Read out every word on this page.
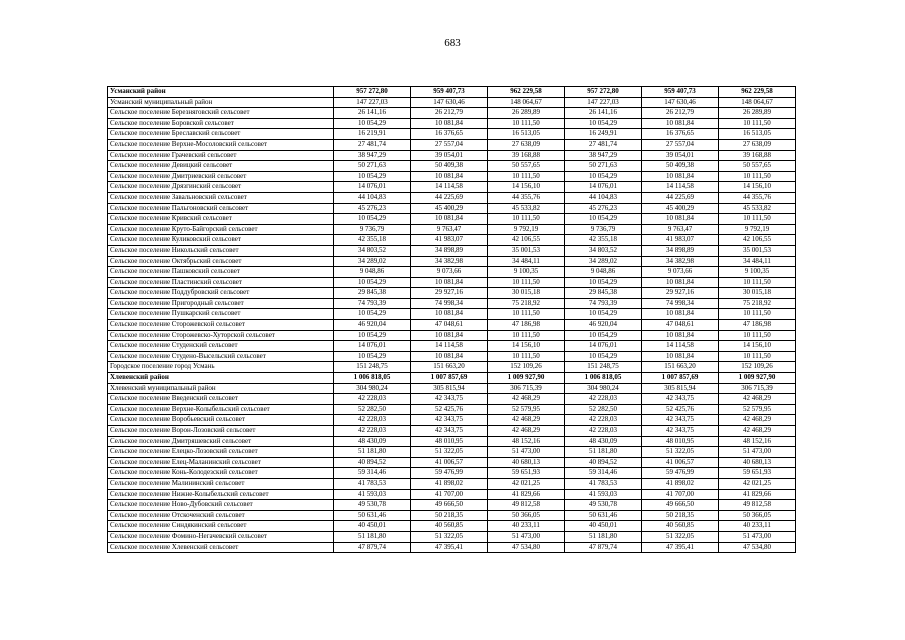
683
Усманский район	957 272,80	959 407,73	962 229,58	957 272,80	959 407,73	962 229,58
Усманский муниципальный район	147 227,03	147 630,46	148 064,67	147 227,03	147 630,46	148 064,67
Сельское поселение Березняговский сельсовет	26 141,16	26 212,79	26 289,89	26 141,16	26 212,79	26 289,89
Сельское поселение Боровской сельсовет	10 054,29	10 081,84	10 111,50	10 054,29	10 081,84	10 111,50
Сельское поселение Бреславский сельсовет	16 219,91	16 376,65	16 513,05	16 249,91	16 376,65	16 513,05
Сельское поселение Верхне-Мосоловский сельсовет	27 481,74	27 557,04	27 638,09	27 481,74	27 557,04	27 638,09
Сельское поселение Грачевский сельсовет	38 947,29	39 054,01	39 168,88	38 947,29	39 054,01	39 168,88
Сельское поселение Девицкий сельсовет	50 271,63	50 409,38	50 557,65	50 271,63	50 409,38	50 557,65
Сельское поселение Дмитриевский сельсовет	10 054,29	10 081,84	10 111,50	10 054,29	10 081,84	10 111,50
Сельское поселение Дрязгинский сельсовет	14 076,01	14 114,58	14 156,10	14 076,01	14 114,58	14 156,10
Сельское поселение Завальновский сельсовет	44 104,83	44 225,69	44 355,76	44 104,83	44 225,69	44 355,76
Сельское поселение Пальгоновский сельсовет	45 276,23	45 400,29	45 533,82	45 276,23	45 400,29	45 533,82
Сельское поселение Кривский сельсовет	10 054,29	10 081,84	10 111,50	10 054,29	10 081,84	10 111,50
Сельское поселение Круто-Байгорский сельсовет	9 736,79	9 763,47	9 792,19	9 736,79	9 763,47	9 792,19
Сельское поселение Куликовский сельсовет	42 355,18	41 983,07	42 106,55	42 355,18	41 983,07	42 106,55
Сельское поселение Никольский сельсовет	34 803,52	34 898,89	35 001,53	34 803,52	34 898,89	35 001,53
Сельское поселение Октябрьский сельсовет	34 289,02	34 382,98	34 484,11	34 289,02	34 382,98	34 484,11
Сельское поселение Пашковский сельсовет	9 048,86	9 073,66	9 100,35	9 048,86	9 073,66	9 100,35
Сельское поселение Пластинский сельсовет	10 054,29	10 081,84	10 111,50	10 054,29	10 081,84	10 111,50
Сельское поселение Поддубровский сельсовет	29 845,38	29 927,16	30 015,18	29 845,38	29 927,16	30 015,18
Сельское поселение Пригородный сельсовет	74 793,39	74 998,34	75 218,92	74 793,39	74 998,34	75 218,92
Сельское поселение Пушкарский сельсовет	10 054,29	10 081,84	10 111,50	10 054,29	10 081,84	10 111,50
Сельское поселение Сторожевской сельсовет	46 920,04	47 048,61	47 186,98	46 920,04	47 048,61	47 186,98
Сельское поселение Сторожевско-Хуторской сельсовет	10 054,29	10 081,84	10 111,50	10 054,29	10 081,84	10 111,50
Сельское поселение Студенский сельсовет	14 076,01	14 114,58	14 156,10	14 076,01	14 114,58	14 156,10
Сельское поселение Студено-Высельский сельсовет	10 054,29	10 081,84	10 111,50	10 054,29	10 081,84	10 111,50
Городское поселение город Усмань	151 248,75	151 663,20	152 109,26	151 248,75	151 663,20	152 109,26
Хлевенский район	1 006 818,05	1 007 857,69	1 009 927,90	1 006 818,05	1 007 857,69	1 009 927,90
Хлевенский муниципальный район	304 980,24	305 815,94	306 715,39	304 980,24	305 815,94	306 715,39
Сельское поселение Введенский сельсовет	42 228,03	42 343,75	42 468,29	42 228,03	42 343,75	42 468,29
Сельское поселение Верхне-Колыбельский сельсовет	52 282,50	52 425,76	52 579,95	52 282,50	52 425,76	52 579,95
Сельское поселение Воробьевский сельсовет	42 228,03	42 343,75	42 468,29	42 228,03	42 343,75	42 468,29
Сельское поселение Ворон-Лозовский сельсовет	42 228,03	42 343,75	42 468,29	42 228,03	42 343,75	42 468,29
Сельское поселение Дмитряшевский сельсовет	48 430,09	48 010,95	48 152,16	48 430,09	48 010,95	48 152,16
Сельское поселение Елецко-Лозовский сельсовет	51 181,80	51 322,05	51 473,00	51 181,80	51 322,05	51 473,00
Сельское поселение Елец-Маланинский сельсовет	40 894,52	41 006,57	40 680,13	40 894,52	41 006,57	40 680,13
Сельское поселение Конь-Колодезский сельсовет	59 314,46	59 476,99	59 651,93	59 314,46	59 476,99	59 651,93
Сельское поселение Малининский сельсовет	41 783,53	41 898,02	42 021,25	41 783,53	41 898,02	42 021,25
Сельское поселение Нижне-Колыбельский сельсовет	41 593,03	41 707,00	41 829,66	41 593,03	41 707,00	41 829,66
Сельское поселение Ново-Дубовский сельсовет	49 530,78	49 666,50	49 812,58	49 530,78	49 666,50	49 812,58
Сельское поселение Отскоченский сельсовет	50 631,46	50 218,35	50 366,05	50 631,46	50 218,35	50 366,05
Сельское поселение Синдякинский сельсовет	40 450,01	40 560,85	40 233,11	40 450,01	40 560,85	40 233,11
Сельское поселение Фомино-Негачевский сельсовет	51 181,80	51 322,05	51 473,00	51 181,80	51 322,05	51 473,00
Сельское поселение Хлевенский сельсовет	47 879,74	47 395,41	47 534,80	47 879,74	47 395,41	47 534,80
